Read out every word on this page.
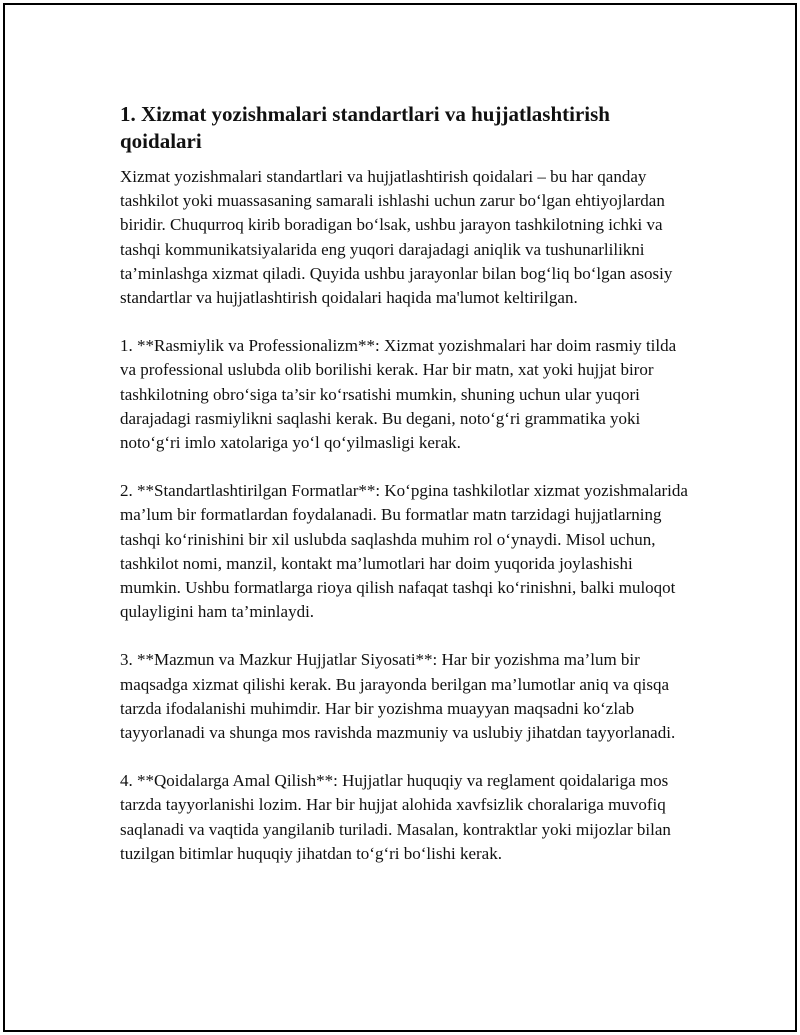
1. Xizmat yozishmalari standartlari va hujjatlashtirish qoidalari

Xizmat yozishmalari standartlari va hujjatlashtirish qoidalari – bu har qanday tashkilot yoki muassasaning samarali ishlashi uchun zarur bo‘lgan ehtiyojlardan biridir. Chuqurroq kirib boradigan bo‘lsak, ushbu jarayon tashkilotning ichki va tashqi kommunikatsiyalarida eng yuqori darajadagi aniqlik va tushunarlilikni ta’minlashga xizmat qiladi. Quyida ushbu jarayonlar bilan bog‘liq bo‘lgan asosiy standartlar va hujjatlashtirish qoidalari haqida ma'lumot keltirilgan.

1. **Rasmiylik va Professionalizm**: Xizmat yozishmalari har doim rasmiy tilda va professional uslubda olib borilishi kerak. Har bir matn, xat yoki hujjat biror tashkilotning obro‘siga ta’sir ko‘rsatishi mumkin, shuning uchun ular yuqori darajadagi rasmiylikni saqlashi kerak. Bu degani, noto‘g‘ri grammatika yoki noto‘g‘ri imlo xatolariga yo‘l qo‘yilmasligi kerak.

2. **Standartlashtirilgan Formatlar**: Ko‘pgina tashkilotlar xizmat yozishmalarida ma’lum bir formatlardan foydalanadi. Bu formatlar matn tarzidagi hujjatlarning tashqi ko‘rinishini bir xil uslubda saqlashda muhim rol o‘ynaydi. Misol uchun, tashkilot nomi, manzil, kontakt ma’lumotlari har doim yuqorida joylashishi mumkin. Ushbu formatlarga rioya qilish nafaqat tashqi ko‘rinishni, balki muloqot qulayligini ham ta’minlaydi.

3. **Mazmun va Mazkur Hujjatlar Siyosati**: Har bir yozishma ma’lum bir maqsadga xizmat qilishi kerak. Bu jarayonda berilgan ma’lumotlar aniq va qisqa tarzda ifodalanishi muhimdir. Har bir yozishma muayyan maqsadni ko‘zlab tayyorlanadi va shunga mos ravishda mazmuniy va uslubiy jihatdan tayyorlanadi.

4. **Qoidalarga Amal Qilish**: Hujjatlar huquqiy va reglament qoidalariga mos tarzda tayyorlanishi lozim. Har bir hujjat alohida xavfsizlik choralariga muvofiq saqlanadi va vaqtida yangilanib turiladi. Masalan, kontraktlar yoki mijozlar bilan tuzilgan bitimlar huquqiy jihatdan to‘g‘ri bo‘lishi kerak.
